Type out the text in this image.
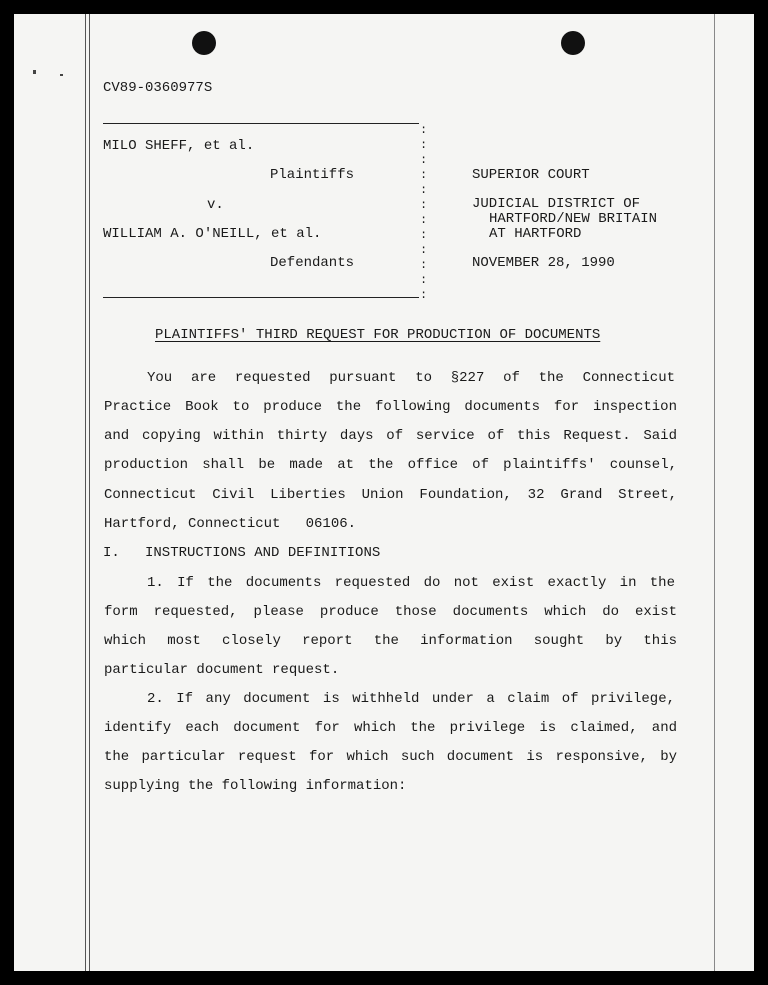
CV89-0360977S
MILO SHEFF, et al.
Plaintiffs
v.
WILLIAM A. O'NEILL, et al.
Defendants
:
:
:
:
:
:
:
:
:
:
:
:
SUPERIOR COURT
JUDICIAL DISTRICT OF
HARTFORD/NEW BRITAIN
AT HARTFORD
NOVEMBER 28, 1990
PLAINTIFFS' THIRD REQUEST FOR PRODUCTION OF DOCUMENTS
You are requested pursuant to §227 of the Connecticut
Practice Book to produce the following documents for inspection
and copying within thirty days of service of this Request. Said
production shall be made at the office of plaintiffs' counsel,
Connecticut Civil Liberties Union Foundation, 32 Grand Street,
Hartford, Connecticut   06106.
I.   INSTRUCTIONS AND DEFINITIONS
1. If the documents requested do not exist exactly in the
form requested, please produce those documents which do exist
which most closely report the information sought by this
particular document request.
2. If any document is withheld under a claim of privilege,
identify each document for which the privilege is claimed, and
the particular request for which such document is responsive, by
supplying the following information:
